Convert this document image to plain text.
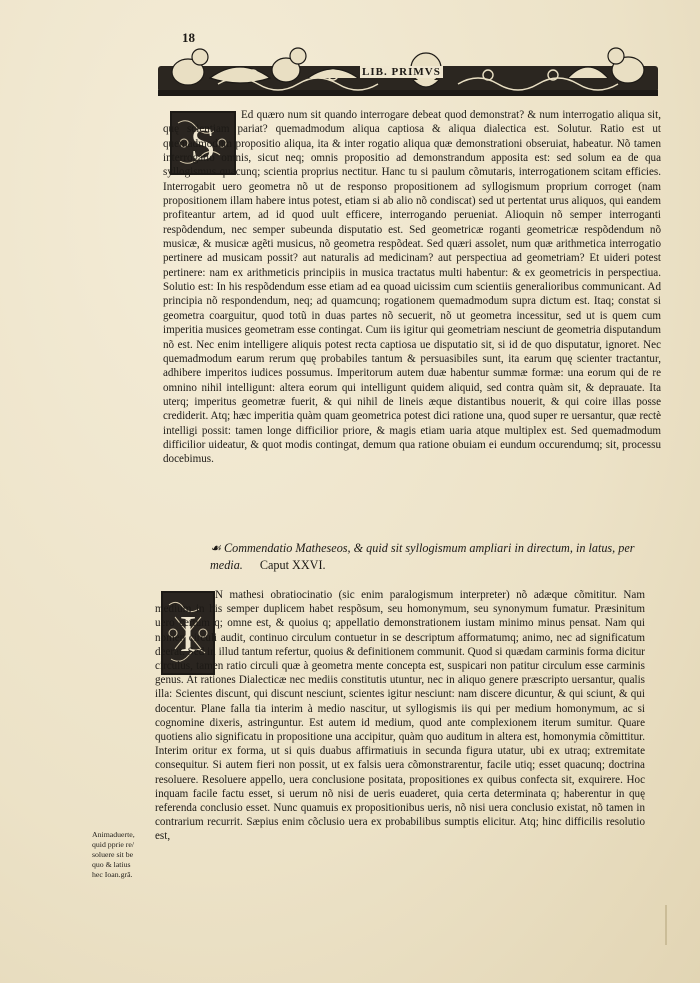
18
LIB. PRIMVS
S

Ed quæro num sit quando interrogare debeat quod demonstrat? & num interrogatio aliqua sit, quę scientiam pariat? quemadmodum aliqua captiosa & aliqua dialectica est. Solutur. Ratio est ut quemadmodum propositio aliqua, ita & inter rogatio aliqua quæ demonstrationi obseruiat, habeatur. Nõ tamen interrogatio omnis, sicut neq; omnis propositio ad demonstrandum apposita est: sed solum ea de qua syllogismus quacunq; scientia proprius nectitur. Hanc tu si paulum cõmutaris, interrogationem scitam efficies. Interrogabit uero geometra nõ ut de responso propositionem ad syllogismum proprium corroget (nam propositionem illam habere intus potest, etiam si ab alio nõ condiscat) sed ut pertentat urus aliquos, qui eandem profiteantur artem, ad id quod uult efficere, interrogando perueniat. Alioquin nõ semper interroganti respõdendum, nec semper subeunda disputatio est. Sed geometricæ roganti geometricæ respõdendum nõ musicæ, & musicæ agẽti musicus, nõ geometra respõdeat. Sed quæri assolet, num quæ arithmetica interrogatio pertinere ad musicam possit? aut naturalis ad medicinam? aut perspectiua ad geometriam? Et uideri potest pertinere: nam ex arithmeticis principiis in musica tractatus multi habentur: & ex geometricis in perspectiua. Solutio est: In his respõdendum esse etiam ad ea quoad uicissim cum scientiis generalioribus communicant. Ad principia nõ respondendum, neq; ad quamcunq; rogationem quemadmodum supra dictum est. Itaq; constat si geometra coarguitur, quod totũ in duas partes nõ secuerit, nõ ut geometra incessitur, sed ut is quem cum imperitia musices geometram esse contingat. Cum iis igitur qui geometriam nesciunt de geometria disputandum nõ est. Nec enim intelligere aliquis potest recta captiosa ue disputatio sit, si id de quo disputatur, ignoret. Nec quemadmodum earum rerum quę probabiles tantum & persuasibiles sunt, ita earum quę scienter tractantur, adhibere imperitos iudices possumus. Imperitorum autem duæ habentur summæ formæ: una eorum qui de re omnino nihil intelligunt: altera eorum qui intelligunt quidem aliquid, sed contra quàm sit, & deprauate. Ita uterq; imperitus geometræ fuerit, & qui nihil de lineis æque distantibus nouerit, & qui coire illas posse crediderit. Atq; hæc imperitia quàm quam geometrica potest dici ratione una, quod super re uersantur, quæ rectè intelligi possit: tamen longe difficilior priore, & magis etiam uaria atque multiplex est. Sed quemadmodum difficilior uideatur, & quot modis contingat, demum qua ratione obuiam ei eundum occurendumq; sit, processu docebimus.

☙ Commendatio Matheseos, & quid sit syllogismum ampliari in directum, in latus, per media. Caput XXVI.
I

N mathesi obratiocinatio (sic enim paralogismum interpreter) nõ adæque cõmititur. Nam medium in his semper duplicem habet respõsum, seu homonymum, seu synonymum fumatur. Præsinitum uero certum q; omne est, & quoius q; appellatio demonstrationem iustam minimo minus pensat. Nam qui nomen circuli audit, continuo circulum contuetur in se descriptum afformatumq; animo, nec ad significatum deerat. Sed in illud tantum refertur, quoius & definitionem communit. Quod si quædam carminis forma dicitur circulus, tamen ratio circuli quæ à geometra mente concepta est, suspicari non patitur circulum esse carminis genus. At rationes Dialecticæ nec mediis constitutis utuntur, nec in aliquo genere præscripto uersantur, qualis illa: Scientes discunt, qui discunt nesciunt, scientes igitur nesciunt: nam discere dicuntur, & qui sciunt, & qui docentur. Plane falla tia interim à medio nascitur, ut syllogismis iis qui per medium homonymum, ac si cognomine dixeris, astringuntur. Est autem id medium, quod ante complexionem iterum sumitur. Quare quotiens alio significatu in propositione una accipitur, quàm quo auditum in altera est, homonymia cõmittitur. Interim oritur ex forma, ut si quis duabus affirmatiuis in secunda figura utatur, ubi ex utraq; extremitate consequitur. Si autem fieri non possit, ut ex falsis uera cõmonstrarentur, facile utiq; esset quacunq; doctrina resoluere. Resoluere appello, uera conclusione positata, propositiones ex quibus confecta sit, exquirere. Hoc inquam facile factu esset, si uerum nõ nisi de ueris euaderet, quia certa determinata q; haberentur in quę referenda conclusio esset. Nunc quamuis ex propositionibus ueris, nõ nisi uera conclusio existat, nõ tamen in contrarium recurrit. Sæpius enim cõclusio uera ex probabilibus sumptis elicitur. Atq; hinc difficilis resolutio est,

Animaduerte,
quid pprie re/
soluere sit be
quo & latius
hec Ioan.grã.
